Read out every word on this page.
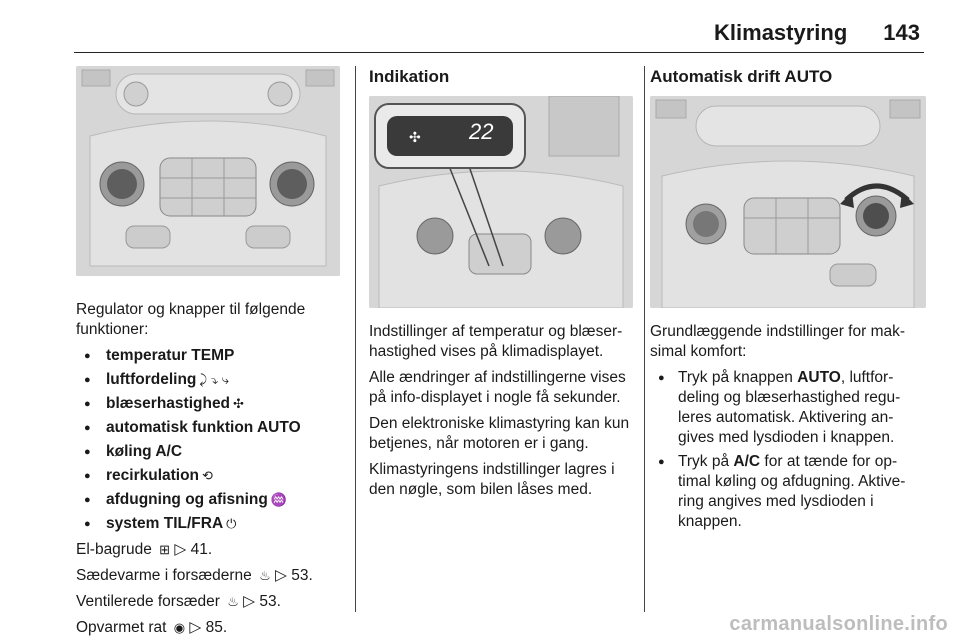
Klimastyring 143

Regulator og knapper til følgende funktioner:

● temperatur TEMP
● luftfordeling ⤸ ⤵ ⤷
● blæserhastighed ✣
● automatisk funktion AUTO
● køling A/C
● recirkulation ⟲
● afdugning og afisning ♒
● system TIL/FRA ⏻

El-bagrude ⊞ ▷ 41.

Sædevarme i forsæderne ♨ ▷ 53.

Ventilerede forsæder ♨ ▷ 53.

Opvarmet rat ◉ ▷ 85.

Indikation
✣ 22

Indstillinger af temperatur og blæser-hastighed vises på klimadisplayet.

Alle ændringer af indstillingerne vises på info-displayet i nogle få sekunder.

Den elektroniske klimastyring kan kun betjenes, når motoren er i gang.

Klimastyringens indstillinger lagres i den nøgle, som bilen låses med.

Automatisk drift AUTO

Grundlæggende indstillinger for mak-simal komfort:

● Tryk på knappen AUTO, luftfor-deling og blæserhastighed regu-leres automatisk. Aktivering an-gives med lysdioden i knappen.
● Tryk på A/C for at tænde for op-timal køling og afdugning. Aktive-ring angives med lysdioden i knappen.
carmanualsonline.info
